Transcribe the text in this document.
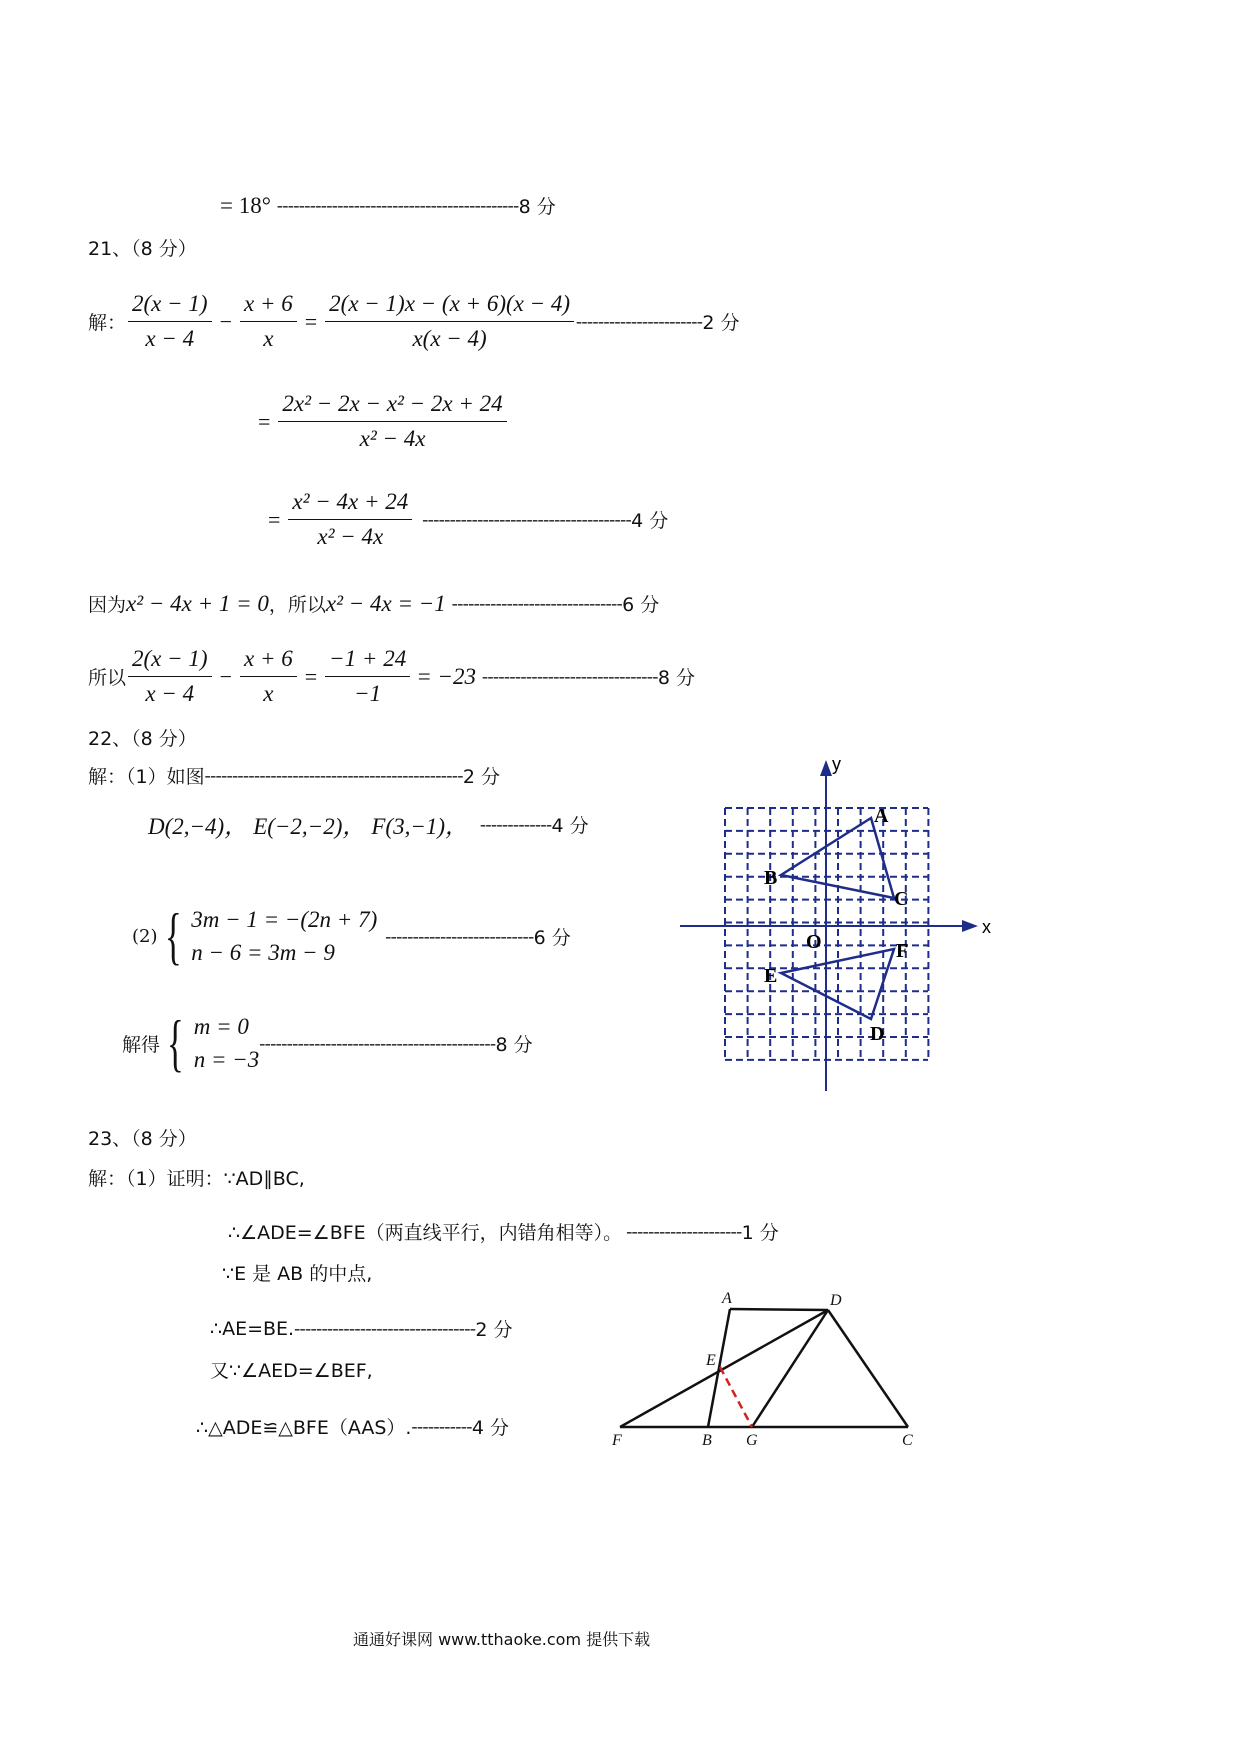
= 18° -------------------------------------------- 8 分
21、（8 分）
解： $\frac{2(x - 1)}{x - 4} - \frac{x + 6}{x} = \frac{2(x - 1)x - (x + 6)(x - 4)}{x(x - 4)}$ ----------------------- 2 分
= $\frac{\text{2x² − 2x − x² − 2x + 24}}{\text{x² − 4x}}$
= $\frac{\text{x² − 4x + 24}}{\text{x² − 4x}}$ -------------------------------------- 4 分
因为 x² − 4x + 1 = 0 ，所以 x² − 4x = −1 ------------------------------- 6 分
所以 $\frac{2(x - 1)}{x - 4} - \frac{x + 6}{x} = \frac{-1 + 24}{-1} = -23$ -------------------------------- 8 分
22、（8 分）
解：（1）如图 ----------------------------------------------- 2 分
D(2,−4)， E(−2,−2)， F(3,−1)， ------------- 4 分
(2) { 3m − 1 = −(2n + 7)
n − 6 = 3m − 9
--------------------------- 6 分
解得 { m = 0
n = −3
------------------------------------------- 8 分
y
x
O
A
B
C
D
E
F
23、（8 分）
解：（1）证明：∵AD∥BC,
∴∠ADE=∠BFE（两直线平行，内错角相等）。 --------------------- 1 分
∵E 是 AB 的中点,
∴AE=BE. --------------------------------- 2 分
又∵∠AED=∠BEF,
∴△ADE≌△BFE（AAS）. ----------- 4 分
A	D
E
F	B G	C
通通好课网 www.tthaoke.com 提供下载
